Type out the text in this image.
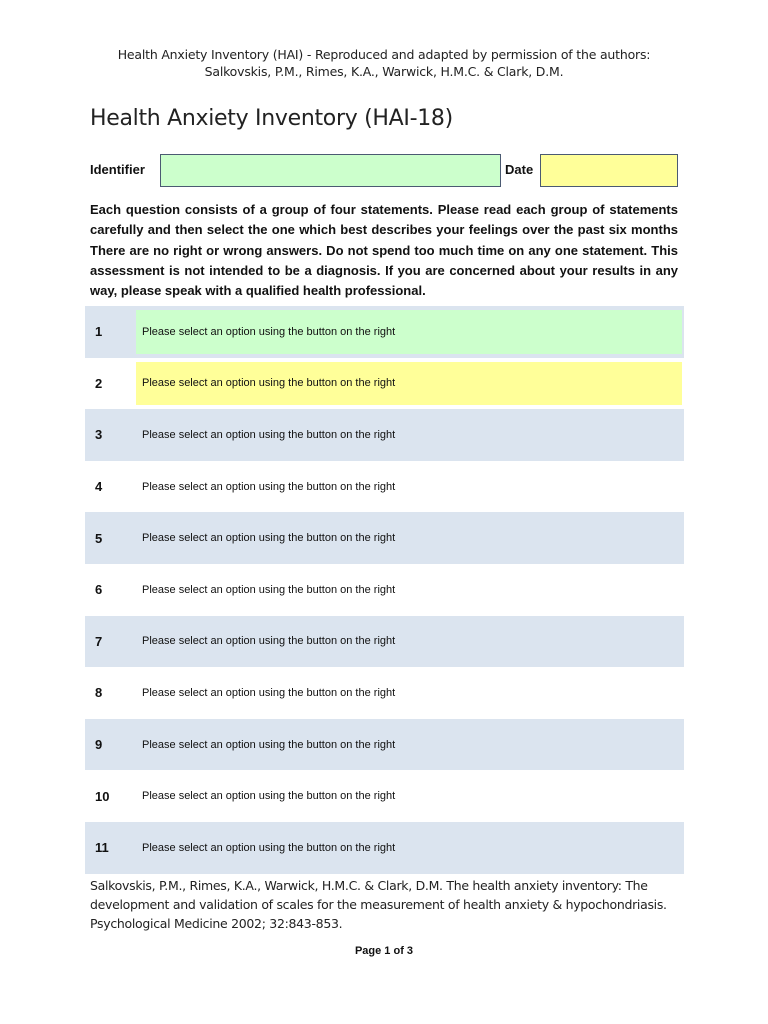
Health Anxiety Inventory (HAI) - Reproduced and adapted by permission of the authors:
Salkovskis, P.M., Rimes, K.A., Warwick, H.M.C. & Clark, D.M.
Health Anxiety Inventory (HAI-18)
Identifier	Date
Each question consists of a group of four statements. Please read each group of statements carefully and then select the one which best describes your feelings over the past six months There are no right or wrong answers. Do not spend too much time on any one statement. This assessment is not intended to be a diagnosis. If you are concerned about your results in any way, please speak with a qualified health professional.
1	Please select an option using the button on the right
2	Please select an option using the button on the right
3	Please select an option using the button on the right
4	Please select an option using the button on the right
5	Please select an option using the button on the right
6	Please select an option using the button on the right
7	Please select an option using the button on the right
8	Please select an option using the button on the right
9	Please select an option using the button on the right
10	Please select an option using the button on the right
11	Please select an option using the button on the right
Salkovskis, P.M., Rimes, K.A., Warwick, H.M.C. & Clark, D.M. The health anxiety inventory: The
development and validation of scales for the measurement of health anxiety & hypochondriasis.
Psychological Medicine 2002; 32:843-853.
Page 1 of 3
